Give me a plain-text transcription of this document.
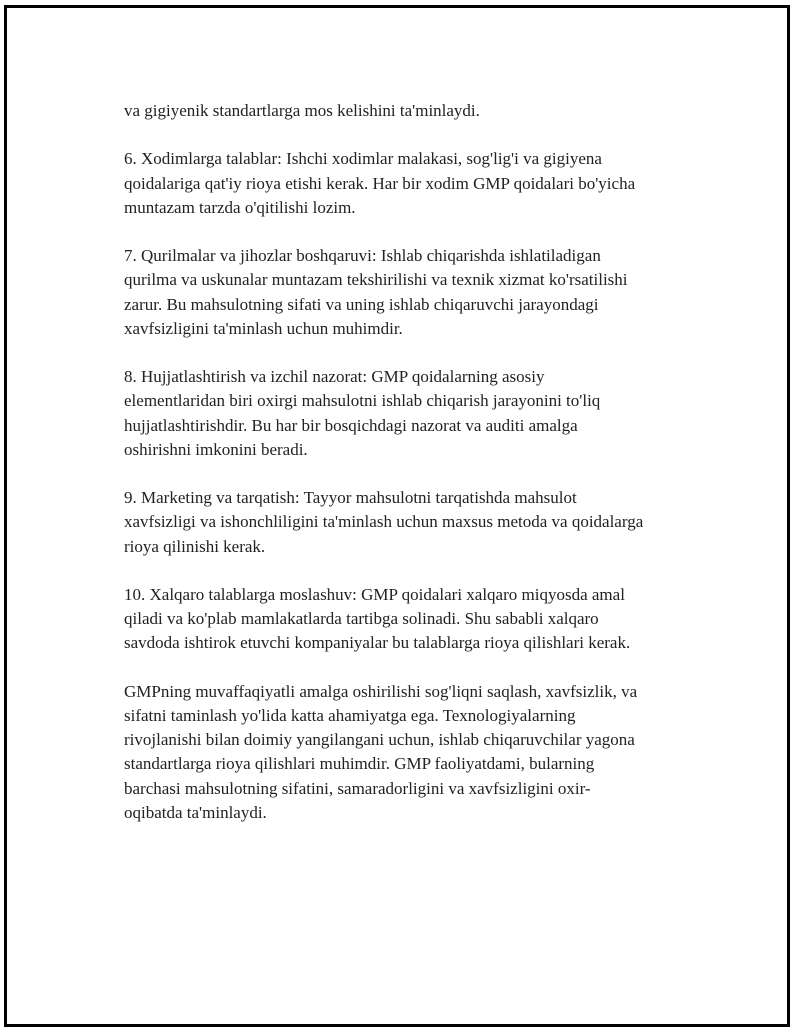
va gigiyenik standartlarga mos kelishini ta'minlaydi.

6. Xodimlarga talablar: Ishchi xodimlar malakasi, sog'lig'i va gigiyena
qoidalariga qat'iy rioya etishi kerak. Har bir xodim GMP qoidalari bo'yicha
muntazam tarzda o'qitilishi lozim.

7. Qurilmalar va jihozlar boshqaruvi: Ishlab chiqarishda ishlatiladigan
qurilma va uskunalar muntazam tekshirilishi va texnik xizmat ko'rsatilishi
zarur. Bu mahsulotning sifati va uning ishlab chiqaruvchi jarayondagi
xavfsizligini ta'minlash uchun muhimdir.

8. Hujjatlashtirish va izchil nazorat: GMP qoidalarning asosiy
elementlaridan biri oxirgi mahsulotni ishlab chiqarish jarayonini to'liq
hujjatlashtirishdir. Bu har bir bosqichdagi nazorat va auditi amalga
oshirishni imkonini beradi.

9. Marketing va tarqatish: Tayyor mahsulotni tarqatishda mahsulot
xavfsizligi va ishonchliligini ta'minlash uchun maxsus metoda va qoidalarga
rioya qilinishi kerak.

10. Xalqaro talablarga moslashuv: GMP qoidalari xalqaro miqyosda amal
qiladi va ko'plab mamlakatlarda tartibga solinadi. Shu sababli xalqaro
savdoda ishtirok etuvchi kompaniyalar bu talablarga rioya qilishlari kerak.

GMPning muvaffaqiyatli amalga oshirilishi sog'liqni saqlash, xavfsizlik, va
sifatni taminlash yo'lida katta ahamiyatga ega. Texnologiyalarning
rivojlanishi bilan doimiy yangilangani uchun, ishlab chiqaruvchilar yagona
standartlarga rioya qilishlari muhimdir. GMP faoliyatdami, bularning
barchasi mahsulotning sifatini, samaradorligini va xavfsizligini oxir-
oqibatda ta'minlaydi.
